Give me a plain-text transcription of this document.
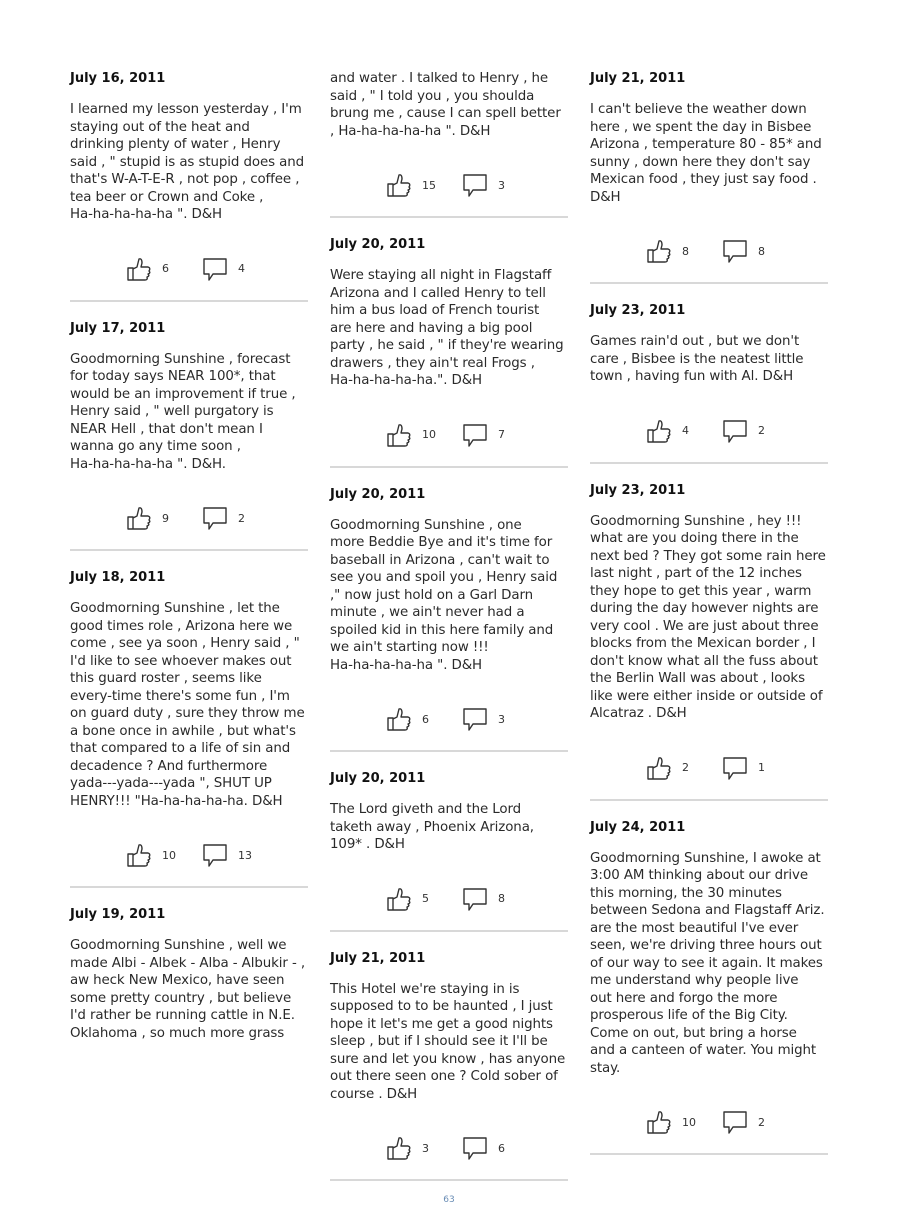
July 16, 2011

I learned my lesson yesterday , I'm
staying out of the heat and
drinking plenty of water , Henry
said , " stupid is as stupid does and
that's W-A-T-E-R , not pop , coffee ,
tea beer or Crown and Coke ,
Ha-ha-ha-ha-ha ". D&H

6	4

July 17, 2011

Goodmorning Sunshine , forecast
for today says NEAR 100*, that
would be an improvement if true ,
Henry said , " well purgatory is
NEAR Hell , that don't mean I
wanna go any time soon ,
Ha-ha-ha-ha-ha ". D&H.

9	2

July 18, 2011

Goodmorning Sunshine , let the
good times role , Arizona here we
come , see ya soon , Henry said , "
I'd like to see whoever makes out
this guard roster , seems like
every-time there's some fun , I'm
on guard duty , sure they throw me
a bone once in awhile , but what's
that compared to a life of sin and
decadence ? And furthermore
yada---yada---yada ", SHUT UP
HENRY!!! "Ha-ha-ha-ha-ha. D&H

10	13

July 19, 2011

Goodmorning Sunshine , well we
made Albi - Albek - Alba - Albukir - ,
aw heck New Mexico, have seen
some pretty country , but believe
I'd rather be running cattle in N.E.
Oklahoma , so much more grass

and water . I talked to Henry , he
said , " I told you , you shoulda
brung me , cause I can spell better
, Ha-ha-ha-ha-ha ". D&H

15	3

July 20, 2011

Were staying all night in Flagstaff
Arizona and I called Henry to tell
him a bus load of French tourist
are here and having a big pool
party , he said , " if they're wearing
drawers , they ain't real Frogs ,
Ha-ha-ha-ha-ha.". D&H

10	7

July 20, 2011

Goodmorning Sunshine , one
more Beddie Bye and it's time for
baseball in Arizona , can't wait to
see you and spoil you , Henry said
," now just hold on a Garl Darn
minute , we ain't never had a
spoiled kid in this here family and
we ain't starting now !!!
Ha-ha-ha-ha-ha ". D&H

6	3

July 20, 2011

The Lord giveth and the Lord
taketh away , Phoenix Arizona,
109* . D&H

5	8

July 21, 2011

This Hotel we're staying in is
supposed to to be haunted , I just
hope it let's me get a good nights
sleep , but if I should see it I'll be
sure and let you know , has anyone
out there seen one ? Cold sober of
course . D&H

3	6

July 21, 2011

I can't believe the weather down
here , we spent the day in Bisbee
Arizona , temperature 80 - 85* and
sunny , down here they don't say
Mexican food , they just say food .
D&H

8	8

July 23, 2011

Games rain'd out , but we don't
care , Bisbee is the neatest little
town , having fun with Al. D&H

4	2

July 23, 2011

Goodmorning Sunshine , hey !!!
what are you doing there in the
next bed ? They got some rain here
last night , part of the 12 inches
they hope to get this year , warm
during the day however nights are
very cool . We are just about three
blocks from the Mexican border , I
don't know what all the fuss about
the Berlin Wall was about , looks
like were either inside or outside of
Alcatraz . D&H

2	1

July 24, 2011

Goodmorning Sunshine, I awoke at
3:00 AM thinking about our drive
this morning, the 30 minutes
between Sedona and Flagstaff Ariz.
are the most beautiful I've ever
seen, we're driving three hours out
of our way to see it again. It makes
me understand why people live
out here and forgo the more
prosperous life of the Big City.
Come on out, but bring a horse
and a canteen of water. You might
stay.

10	2
63
